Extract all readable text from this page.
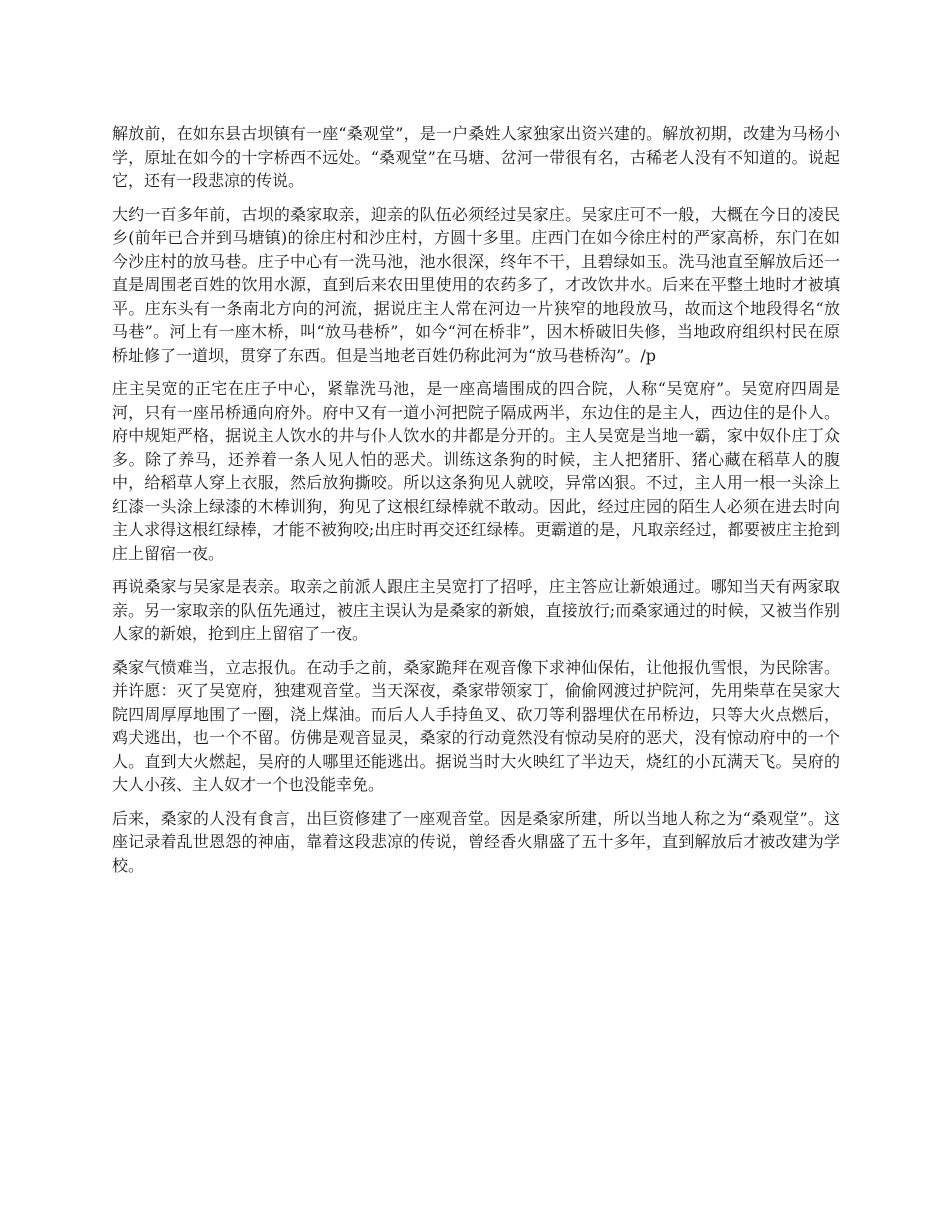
解放前，在如东县古坝镇有一座“桑观堂”，是一户桑姓人家独家出资兴建的。解放初期，改建为马杨小学，原址在如今的十字桥西不远处。“桑观堂”在马塘、岔河一带很有名，古稀老人没有不知道的。说起它，还有一段悲凉的传说。

大约一百多年前，古坝的桑家取亲，迎亲的队伍必须经过吴家庄。吴家庄可不一般，大概在今日的凌民乡(前年已合并到马塘镇)的徐庄村和沙庄村，方圆十多里。庄西门在如今徐庄村的严家高桥，东门在如今沙庄村的放马巷。庄子中心有一洗马池，池水很深，终年不干，且碧绿如玉。洗马池直至解放后还一直是周围老百姓的饮用水源，直到后来农田里使用的农药多了，才改饮井水。后来在平整土地时才被填平。庄东头有一条南北方向的河流，据说庄主人常在河边一片狭窄的地段放马，故而这个地段得名“放马巷”。河上有一座木桥，叫“放马巷桥”，如今“河在桥非”，因木桥破旧失修，当地政府组织村民在原桥址修了一道坝，贯穿了东西。但是当地老百姓仍称此河为“放马巷桥沟”。/p

庄主吴宽的正宅在庄子中心，紧靠洗马池，是一座高墙围成的四合院，人称“吴宽府”。吴宽府四周是河，只有一座吊桥通向府外。府中又有一道小河把院子隔成两半，东边住的是主人，西边住的是仆人。府中规矩严格，据说主人饮水的井与仆人饮水的井都是分开的。主人吴宽是当地一霸，家中奴仆庄丁众多。除了养马，还养着一条人见人怕的恶犬。训练这条狗的时候，主人把猪肝、猪心藏在稻草人的腹中，给稻草人穿上衣服，然后放狗撕咬。所以这条狗见人就咬，异常凶狠。不过，主人用一根一头涂上红漆一头涂上绿漆的木棒训狗，狗见了这根红绿棒就不敢动。因此，经过庄园的陌生人必须在进去时向主人求得这根红绿棒，才能不被狗咬;出庄时再交还红绿棒。更霸道的是，凡取亲经过，都要被庄主抢到庄上留宿一夜。

再说桑家与吴家是表亲。取亲之前派人跟庄主吴宽打了招呼，庄主答应让新娘通过。哪知当天有两家取亲。另一家取亲的队伍先通过，被庄主误认为是桑家的新娘，直接放行;而桑家通过的时候，又被当作别人家的新娘，抢到庄上留宿了一夜。

桑家气愤难当，立志报仇。在动手之前，桑家跪拜在观音像下求神仙保佑，让他报仇雪恨，为民除害。并许愿：灭了吴宽府，独建观音堂。当天深夜，桑家带领家丁，偷偷网渡过护院河，先用柴草在吴家大院四周厚厚地围了一圈，浇上煤油。而后人人手持鱼叉、砍刀等利器埋伏在吊桥边，只等大火点燃后，鸡犬逃出，也一个不留。仿佛是观音显灵，桑家的行动竟然没有惊动吴府的恶犬，没有惊动府中的一个人。直到大火燃起，吴府的人哪里还能逃出。据说当时大火映红了半边天，烧红的小瓦满天飞。吴府的大人小孩、主人奴才一个也没能幸免。

后来，桑家的人没有食言，出巨资修建了一座观音堂。因是桑家所建，所以当地人称之为“桑观堂”。这座记录着乱世恩怨的神庙，靠着这段悲凉的传说，曾经香火鼎盛了五十多年，直到解放后才被改建为学校。
